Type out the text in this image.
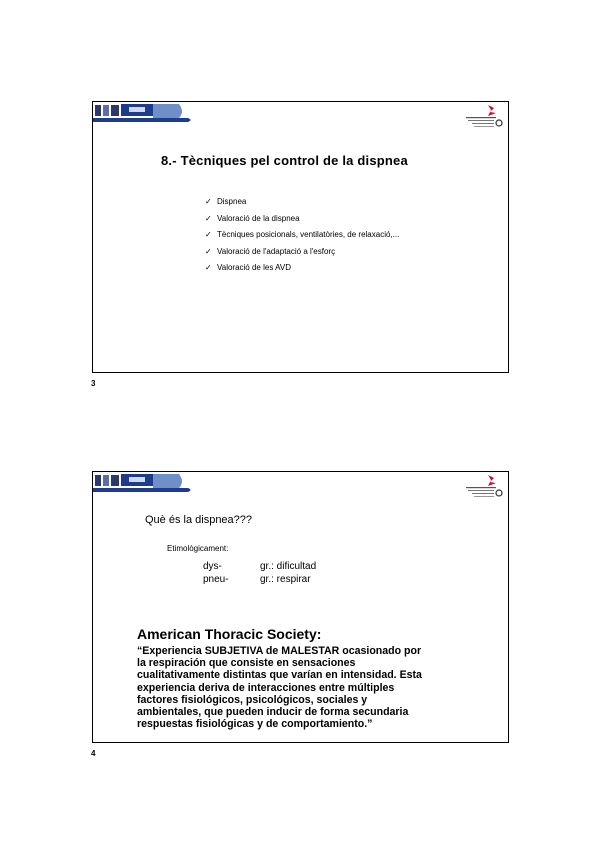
8.- Tècniques pel control de la dispnea
✓ Dispnea
✓ Valoració de la dispnea
✓ Tècniques posicionals, ventilatòries, de relaxació,...
✓ Valoració de l'adaptació a l'esforç
✓ Valoració de les AVD
3
Què és la dispnea???
Etimològicament:
dys-	gr.: dificultad
pneu-	gr.: respirar
American Thoracic Society:
“Experiencia SUBJETIVA de MALESTAR ocasionado por
la respiración que consiste en sensaciones
cualitativamente distintas que varían en intensidad. Esta
experiencia deriva de interacciones entre múltiples
factores fisiológicos, psicológicos, sociales y
ambientales, que pueden inducir de forma secundaria
respuestas fisiológicas y de comportamiento.”
4
